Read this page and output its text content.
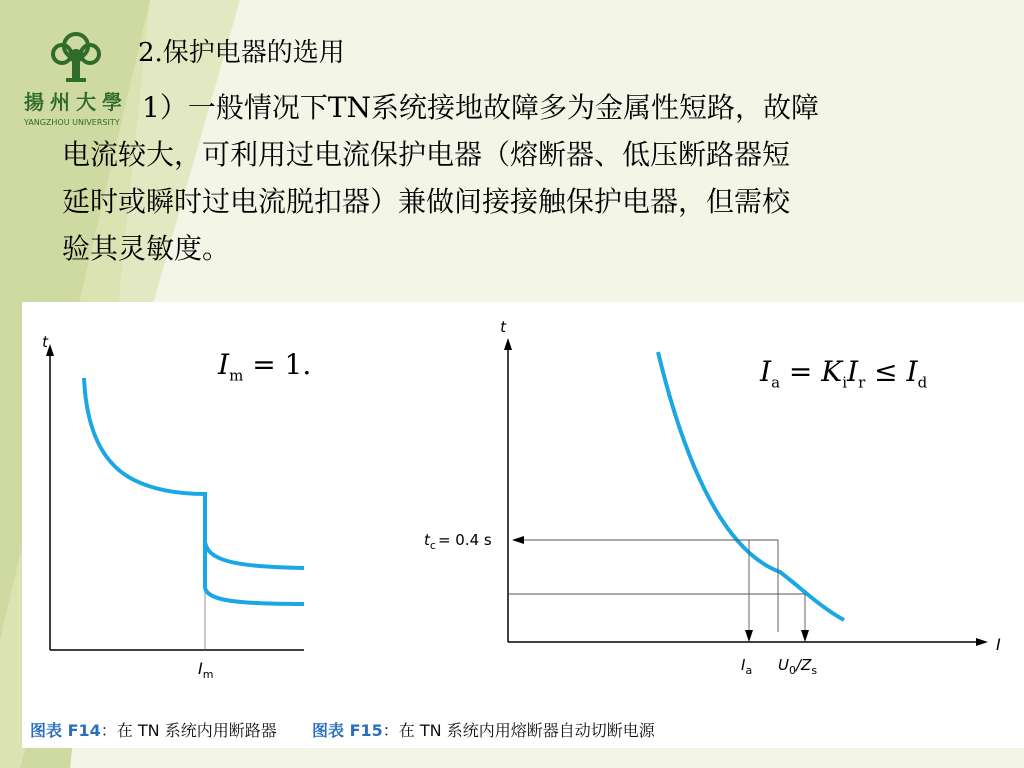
揚州大學
YANGZHOU UNIVERSITY
2.保护电器的选用
1）一般情况下TN系统接地故障多为金属性短路，故障
电流较大，可利用过电流保护电器（熔断器、低压断路器短
延时或瞬时过电流脱扣器）兼做间接接触保护电器，但需校
验其灵敏度。
t
$I_m$
$I_m = 1$.
t
I
$t_c = 0.4$ s
$I_a$ $U_0/Z_s$
$I_a = K_iI_r \le I_d$
图表 F14：在 TN 系统内用断路器 图表 F15：在 TN 系统内用熔断器自动切断电源
